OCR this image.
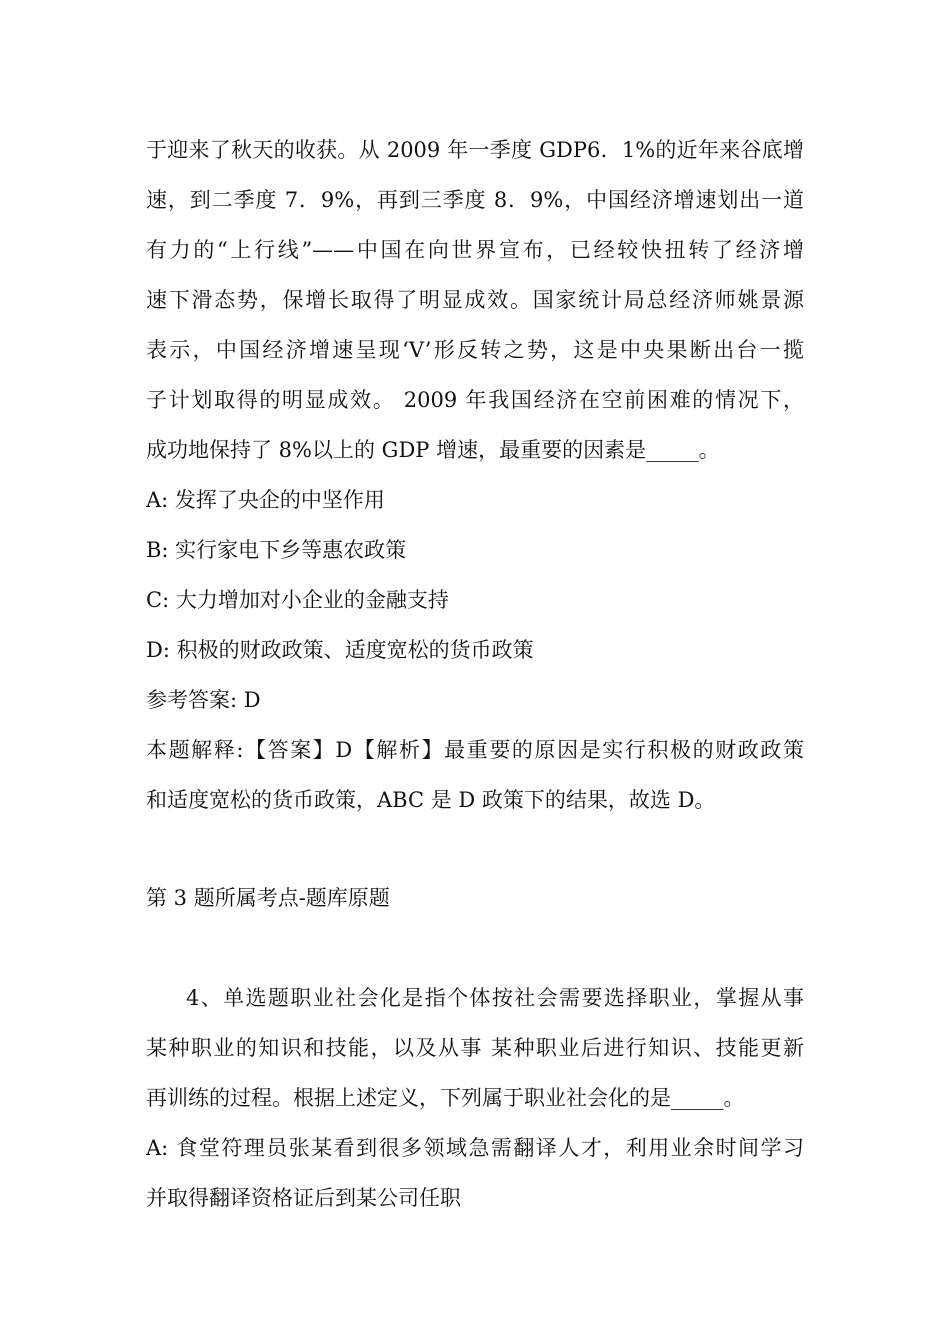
于迎来了秋天的收获。从 2009 年一季度 GDP6．1%的近年来谷底增
速，到二季度 7．9%，再到三季度 8．9%，中国经济增速划出一道
有力的“上行线”——中国在向世界宣布，已经较快扭转了经济增
速下滑态势，保增长取得了明显成效。国家统计局总经济师姚景源
表示，中国经济增速呈现‘V’形反转之势，这是中央果断出台一揽
子计划取得的明显成效。 2009 年我国经济在空前困难的情况下，
成功地保持了 8%以上的 GDP 增速，最重要的因素是_____。
A: 发挥了央企的中坚作用
B: 实行家电下乡等惠农政策
C: 大力增加对小企业的金融支持
D: 积极的财政政策、适度宽松的货币政策
参考答案: D
本题解释:【答案】D【解析】最重要的原因是实行积极的财政政策
和适度宽松的货币政策，ABC 是 D 政策下的结果，故选 D。
第 3 题所属考点-题库原题
4、单选题职业社会化是指个体按社会需要选择职业，掌握从事
某种职业的知识和技能，以及从事 某种职业后进行知识、技能更新
再训练的过程。根据上述定义，下列属于职业社会化的是_____。
A: 食堂符理员张某看到很多领域急需翻译人才，利用业余时间学习
并取得翻译资格证后到某公司任职
